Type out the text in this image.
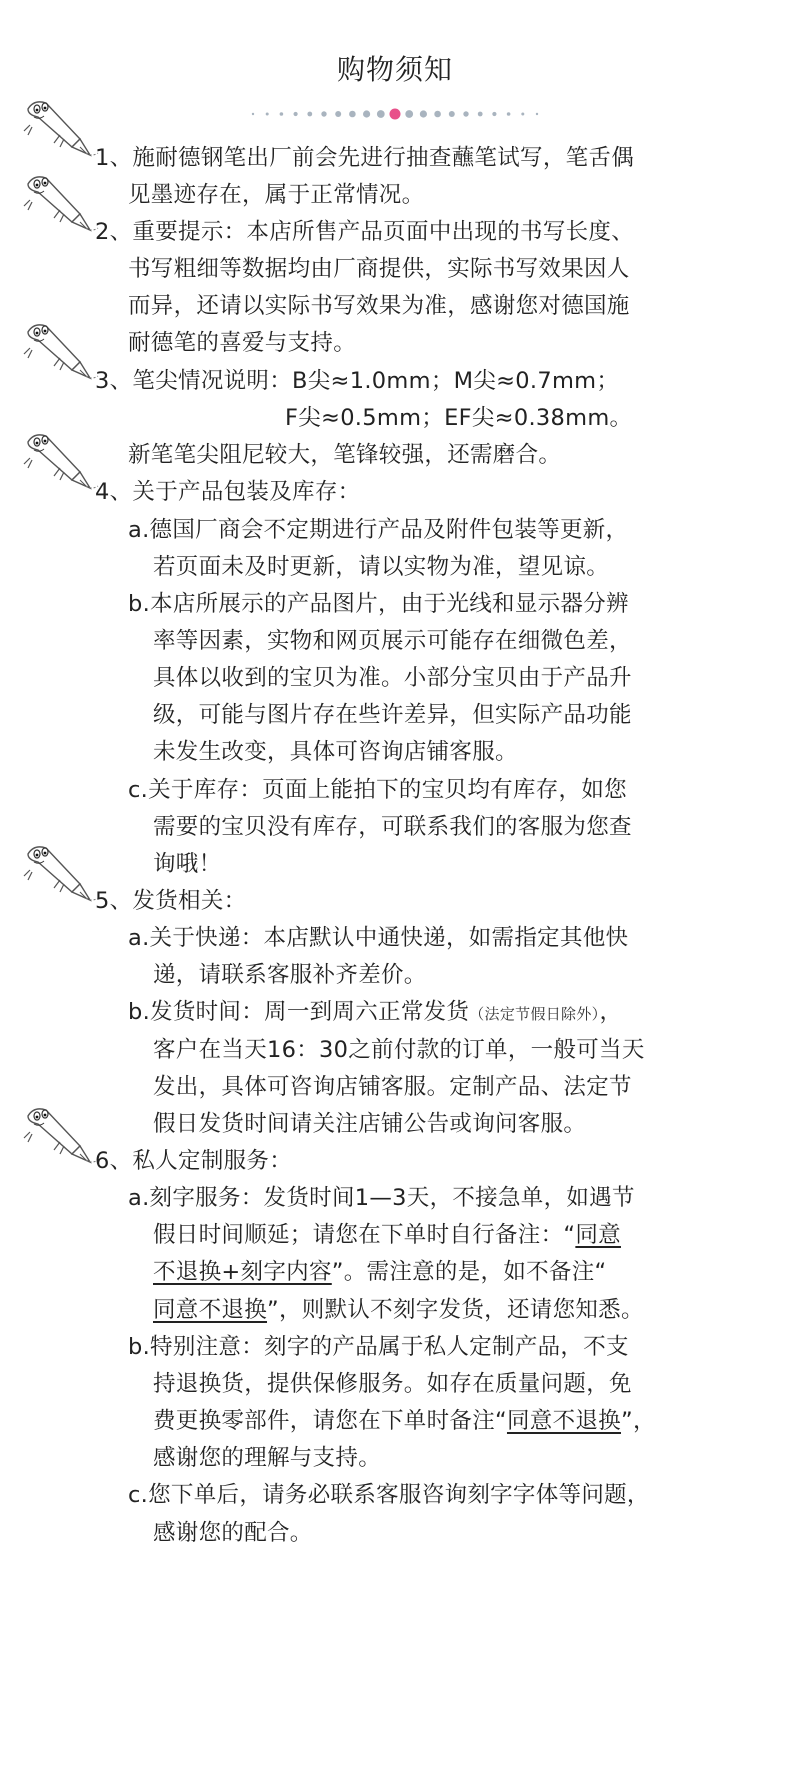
购物须知
1、施耐德钢笔出厂前会先进行抽查蘸笔试写，笔舌偶
见墨迹存在，属于正常情况。
2、重要提示：本店所售产品页面中出现的书写长度、
书写粗细等数据均由厂商提供，实际书写效果因人
而异，还请以实际书写效果为准，感谢您对德国施
耐德笔的喜爱与支持。
3、笔尖情况说明：B尖≈1.0mm；M尖≈0.7mm；
F尖≈0.5mm；EF尖≈0.38mm。
新笔笔尖阻尼较大，笔锋较强，还需磨合。
4、关于产品包装及库存：
a.德国厂商会不定期进行产品及附件包装等更新，
若页面未及时更新，请以实物为准，望见谅。
b.本店所展示的产品图片，由于光线和显示器分辨
率等因素，实物和网页展示可能存在细微色差，
具体以收到的宝贝为准。小部分宝贝由于产品升
级，可能与图片存在些许差异，但实际产品功能
未发生改变，具体可咨询店铺客服。
c.关于库存：页面上能拍下的宝贝均有库存，如您
需要的宝贝没有库存，可联系我们的客服为您查
询哦！
5、发货相关：
a.关于快递：本店默认中通快递，如需指定其他快
递，请联系客服补齐差价。
b.发货时间：周一到周六正常发货（法定节假日除外），
客户在当天16：30之前付款的订单，一般可当天
发出，具体可咨询店铺客服。定制产品、法定节
假日发货时间请关注店铺公告或询问客服。
6、私人定制服务：
a.刻字服务：发货时间1—3天，不接急单，如遇节
假日时间顺延；请您在下单时自行备注：“同意
不退换+刻字内容”。需注意的是，如不备注“
同意不退换”，则默认不刻字发货，还请您知悉。
b.特别注意：刻字的产品属于私人定制产品，不支
持退换货，提供保修服务。如存在质量问题，免
费更换零部件，请您在下单时备注“同意不退换”，
感谢您的理解与支持。
c.您下单后，请务必联系客服咨询刻字字体等问题，
感谢您的配合。
